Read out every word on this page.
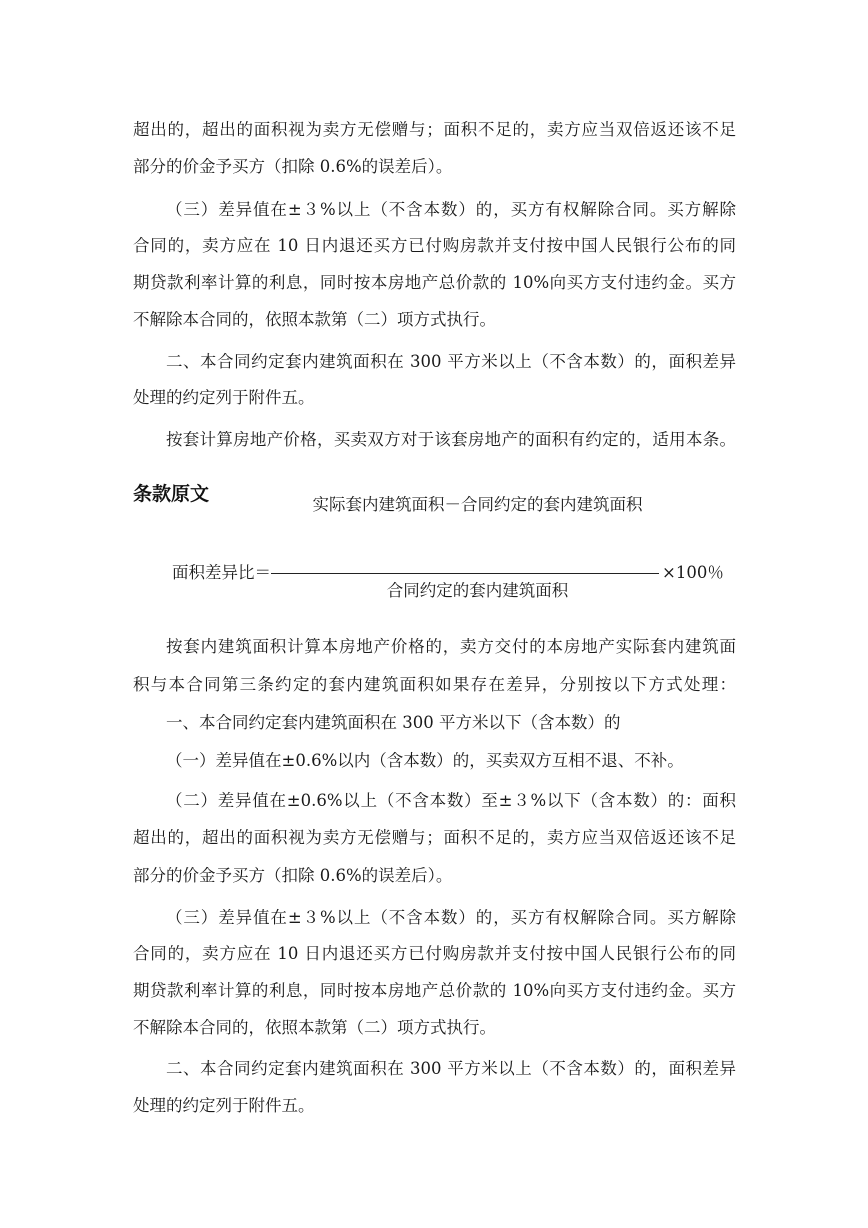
超出的，超出的面积视为卖方无偿赠与；面积不足的，卖方应当双倍返还该不足
部分的价金予买方（扣除 0.6%的误差后）。
（三）差异值在±３%以上（不含本数）的，买方有权解除合同。买方解除
合同的，卖方应在 10 日内退还买方已付购房款并支付按中国人民银行公布的同
期贷款利率计算的利息，同时按本房地产总价款的 10%向买方支付违约金。买方
不解除本合同的，依照本款第（二）项方式执行。
二、本合同约定套内建筑面积在 300 平方米以上（不含本数）的，面积差异
处理的约定列于附件五。
按套计算房地产价格，买卖双方对于该套房地产的面积有约定的，适用本条。
条款原文	实际套内建筑面积－合同约定的套内建筑面积
面积差异比＝	×100％
合同约定的套内建筑面积
按套内建筑面积计算本房地产价格的，卖方交付的本房地产实际套内建筑面
积与本合同第三条约定的套内建筑面积如果存在差异，分别按以下方式处理：
一、本合同约定套内建筑面积在 300 平方米以下（含本数）的
（一）差异值在±0.6%以内（含本数）的，买卖双方互相不退、不补。
（二）差异值在±0.6%以上（不含本数）至±３%以下（含本数）的：面积
超出的，超出的面积视为卖方无偿赠与；面积不足的，卖方应当双倍返还该不足
部分的价金予买方（扣除 0.6%的误差后）。
（三）差异值在±３%以上（不含本数）的，买方有权解除合同。买方解除
合同的，卖方应在 10 日内退还买方已付购房款并支付按中国人民银行公布的同
期贷款利率计算的利息，同时按本房地产总价款的 10%向买方支付违约金。买方
不解除本合同的，依照本款第（二）项方式执行。
二、本合同约定套内建筑面积在 300 平方米以上（不含本数）的，面积差异
处理的约定列于附件五。
